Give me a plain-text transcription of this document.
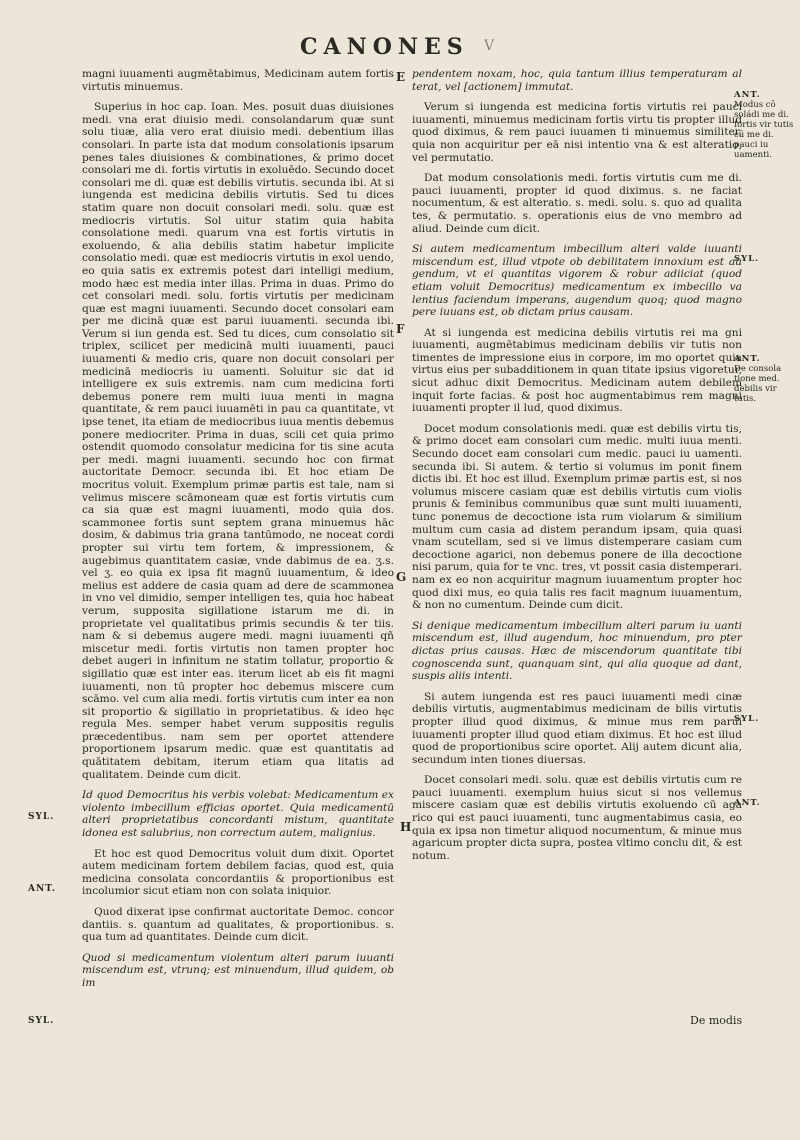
CANONES	V

magni iuuamenti augmētabimus, Medicinam autem fortis virtutis minuemus.

Superius in hoc cap. Ioan. Mes. posuit duas diuisiones medi. vna erat diuisio medi. consolandarum quæ sunt solu tiuæ, alia vero erat diuisio medi. debentium illas consolari. In parte ista dat modum consolationis ipsarum penes tales diuisiones & combinationes, & primo docet consolari me di. fortis virtutis in exoluēdo. Secundo docet consolari me di. quæ est debilis virtutis. secunda ibi. At si iungenda est medicina debilis virtutis. Sed tu dices statim quare non docuit consolari medi. solu. quæ est mediocris virtutis. Sol uitur statim quia habita consolatione medi. quarum vna est fortis virtutis in exoluendo, & alia debilis statim habetur implicite consolatio medi. quæ est mediocris virtutis in exol uendo, eo quia satis ex extremis potest dari intelligi medium, modo hæc est media inter illas. Prima in duas. Primo do cet consolari medi. solu. fortis virtutis per medicinam quæ est magni iuuamenti. Secundo docet consolari eam per me dicinā quæ est parui iuuamenti. secunda ibi. Verum si iun genda est. Sed tu dices, cum consolatio sit triplex, scilicet per medicinā multi iuuamenti, pauci iuuamenti & medio cris, quare non docuit consolari per medicinā mediocris iu uamenti. Soluitur sic dat id intelligere ex suis extremis. nam cum medicina forti debemus ponere rem multi iuua menti in magna quantitate, & rem pauci iuuamēti in pau ca quantitate, vt ipse tenet, ita etiam de mediocribus iuua mentis debemus ponere mediocriter. Prima in duas, scili cet quia primo ostendit quomodo consolatur medicina for tis sine acuta per medi. magni iuuamenti. secundo hoc con firmat auctoritate Democr. secunda ibi. Et hoc etiam De mocritus voluit. Exemplum primæ partis est tale, nam si velimus miscere scāmoneam quæ est fortis virtutis cum ca sia quæ est magni iuuamenti, modo quia dos. scammonee fortis sunt septem grana minuemus hāc dosim, & dabimus tria grana tantūmodo, ne noceat cordi propter sui virtu tem fortem, & impressionem, & augebimus quantitatem casiæ, vnde dabimus de ea. ʒ.s. vel ʒ. eo quia ex ipsa fit magnū iuuamentum, & ideo melius est addere de casia quam ad dere de scammonea in vno vel dimidio, semper intelligen tes, quia hoc habeat verum, supposita sigillatione istarum me di. in proprietate vel qualitatibus primis secundis & ter tiis. nam & si debemus augere medi. magni iuuamenti qñ miscetur medi. fortis virtutis non tamen propter hoc debet augeri in infinitum ne statim tollatur, proportio & sigillatio quæ est inter eas. iterum licet ab eis fit magni iuuamenti, non tū propter hoc debemus miscere cum scāmo. vel cum alia medi. fortis virtutis cum inter ea non sit proportio & sigillatio in proprietatibus. & ideo hęc regula Mes. semper habet verum suppositis regulis præcedentibus. nam sem per oportet attendere proportionem ipsarum medic. quæ est quantitatis ad quātitatem debitam, iterum etiam qua litatis ad qualitatem. Deinde cum dicit.

Id quod Democritus his verbis volebat: Medicamentum ex violento imbecillum efficias oportet. Quia medicamentū alteri proprietatibus concordanti mistum, quantitate idonea est salubrius, non correctum autem, malignius.

Et hoc est quod Democritus voluit dum dixit. Oportet autem medicinam fortem debilem facias, quod est, quia medicina consolata concordantiis & proportionibus est incolumior sicut etiam non con solata iniquior.

Quod dixerat ipse confirmat auctoritate Democ. concor dantiis. s. quantum ad qualitates, & proportionibus. s. qua tum ad quantitates. Deinde cum dicit.

Quod si medicamentum violentum alteri parum iuuanti miscendum est, vtrunq; est minuendum, illud quidem, ob im

pendentem noxam, hoc, quia tantum illius temperaturam al terat, vel [actionem] immutat.

Verum si iungenda est medicina fortis virtutis rei pauci iuuamenti, minuemus medicinam fortis virtu tis propter illud quod diximus, & rem pauci iuuamen ti minuemus similiter, quia non acquiritur per eā nisi intentio vna & est alteratio, vel permutatio.

Dat modum consolationis medi. fortis virtutis cum me di. pauci iuuamenti, propter id quod diximus. s. ne faciat nocumentum, & est alteratio. s. medi. solu. s. quo ad qualita tes, & permutatio. s. operationis eius de vno membro ad aliud. Deinde cum dicit.

Si autem medicamentum imbecillum alteri valde iuuanti miscendum est, illud vtpote ob debilitatem innoxium est au gendum, vt ei quantitas vigorem & robur adiiciat (quod etiam voluit Democritus) medicamentum ex imbecillo va lentius faciendum imperans, augendum quoq; quod magno pere iuuans est, ob dictam prius causam.

At si iungenda est medicina debilis virtutis rei ma gni iuuamenti, augmētabimus medicinam debilis vir tutis non timentes de impressione eius in corpore, im mo oportet quia virtus eius per subadditionem in quan titate ipsius vigoretur, sicut adhuc dixit Democritus. Medicinam autem debilem inquit forte facias. & post hoc augmentabimus rem magni iuuamenti propter il lud, quod diximus.

Docet modum consolationis medi. quæ est debilis virtu tis, & primo docet eam consolari cum medic. multi iuua menti. Secundo docet eam consolari cum medic. pauci iu uamenti. secunda ibi. Si autem. & tertio si volumus im ponit finem dictis ibi. Et hoc est illud. Exemplum primæ partis est, si nos volumus miscere casiam quæ est debilis virtutis cum violis prunis & feminibus communibus quæ sunt multi iuuamenti, tunc ponemus de decoctione ista rum violarum & similium multum cum casia ad distem perandum ipsam, quia quasi vnam scutellam, sed si ve limus distemperare casiam cum decoctione agarici, non debemus ponere de illa decoctione nisi parum, quia for te vnc. tres, vt possit casia distemperari. nam ex eo non acquiritur magnum iuuamentum propter hoc quod dixi mus, eo quia talis res facit magnum iuuamentum, & non no cumentum. Deinde cum dicit.

Si denique medicamentum imbecillum alteri parum iu uanti miscendum est, illud augendum, hoc minuendum, pro pter dictas prius causas. Hæc de miscendorum quantitate tibi cognoscenda sunt, quanquam sint, qui alia quoque ad dant, suspis aliis intenti.

Si autem iungenda est res pauci iuuamenti medi cinæ debilis virtutis, augmentabimus medicinam de bilis virtutis propter illud quod diximus, & minue mus rem parui iuuamenti propter illud quod etiam diximus. Et hoc est illud quod de proportionibus scire oportet. Alij autem dicunt alia, secundum inten tiones diuersas.

Docet consolari medi. solu. quæ est debilis virtutis cum re pauci iuuamenti. exemplum huius sicut si nos vellemus miscere casiam quæ est debilis virtutis exoluendo cū aga rico qui est pauci iuuamenti, tunc augmentabimus casia, eo quia ex ipsa non timetur aliquod nocumentum, & minue mus agaricum propter dicta supra, postea vltimo conclu dit, & est notum.

SYL.
ANT.
SYL.
ANT.
Modus cō soládi me di. fortis vir tutis cū me di. pauci iu uamenti.
SYL.
ANT.
De consola tione med. debilis vir tutis.
SYL.
ANT.
E
F
G
H
De modis
